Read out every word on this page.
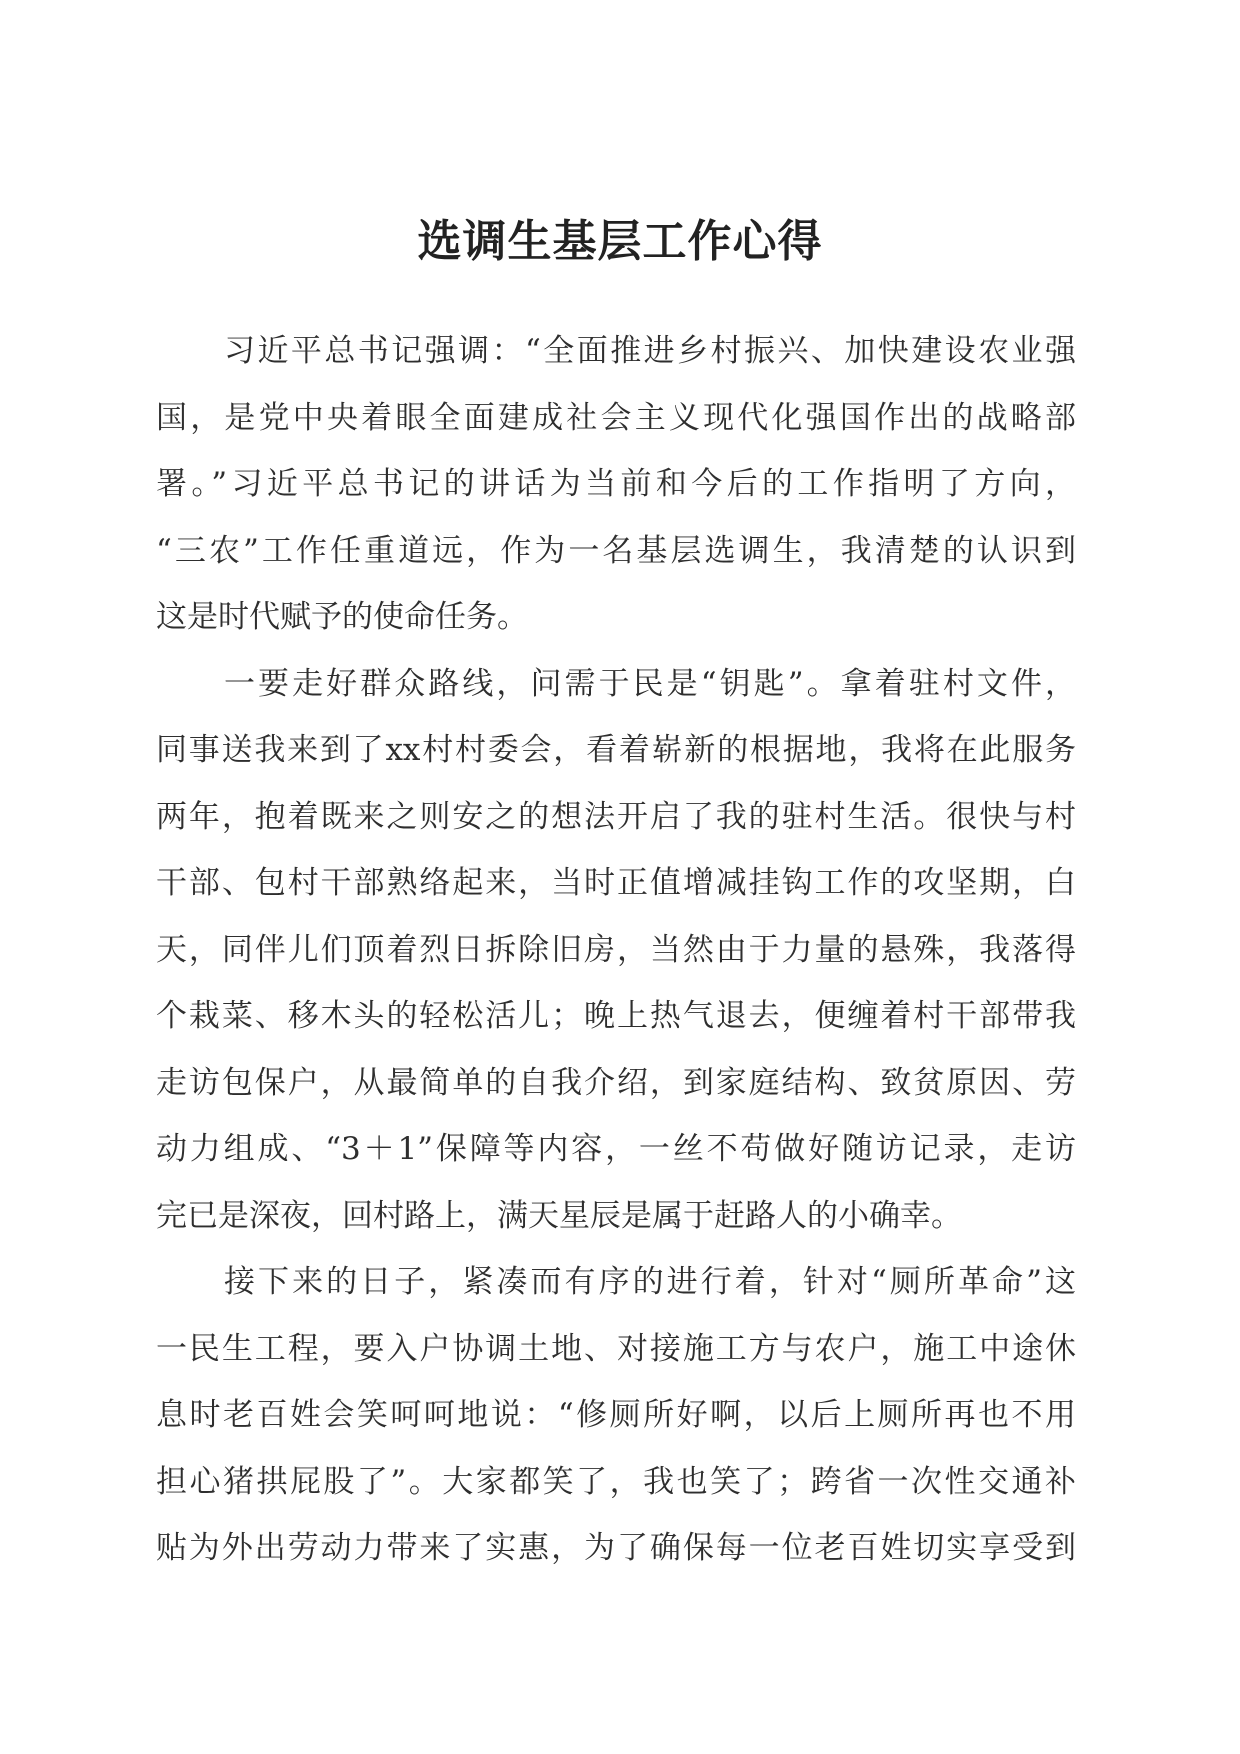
选调生基层工作心得

习近平总书记强调：“全面推进乡村振兴、加快建设农业强
国，是党中央着眼全面建成社会主义现代化强国作出的战略部
署。”习近平总书记的讲话为当前和今后的工作指明了方向，
“三农”工作任重道远，作为一名基层选调生，我清楚的认识到
这是时代赋予的使命任务。

一要走好群众路线，问需于民是“钥匙”。拿着驻村文件，
同事送我来到了xx村村委会，看着崭新的根据地，我将在此服务
两年，抱着既来之则安之的想法开启了我的驻村生活。很快与村
干部、包村干部熟络起来，当时正值增减挂钩工作的攻坚期，白
天，同伴儿们顶着烈日拆除旧房，当然由于力量的悬殊，我落得
个栽菜、移木头的轻松活儿；晚上热气退去，便缠着村干部带我
走访包保户，从最简单的自我介绍，到家庭结构、致贫原因、劳
动力组成、“3＋1”保障等内容，一丝不苟做好随访记录，走访
完已是深夜，回村路上，满天星辰是属于赶路人的小确幸。

接下来的日子，紧凑而有序的进行着，针对“厕所革命”这
一民生工程，要入户协调土地、对接施工方与农户，施工中途休
息时老百姓会笑呵呵地说：“修厕所好啊，以后上厕所再也不用
担心猪拱屁股了”。大家都笑了，我也笑了；跨省一次性交通补
贴为外出劳动力带来了实惠，为了确保每一位老百姓切实享受到
